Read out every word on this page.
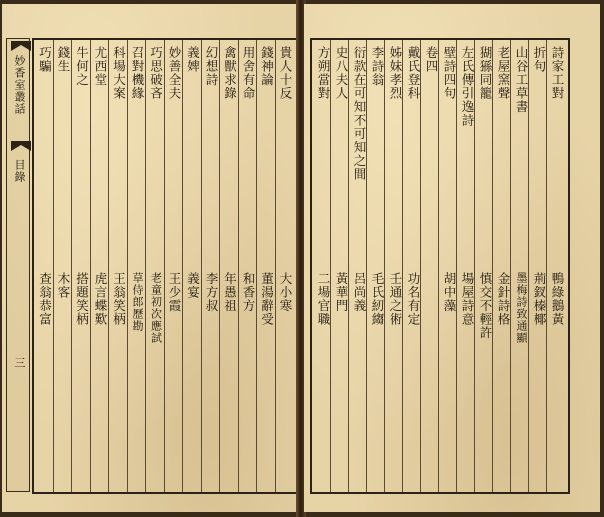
妙香室叢話
目錄
三
貴人十反
大小寒
錢神論
董湯辭受
用舍有命
和香方
禽獸求錄
年愚祖
幻想詩
李方叔
義婢
義宴
妙善全夫
王少霞
巧思破吝
老童初次應試
召對機緣
草侍郎歷勘
科場大案
王翁笑柄
尤西堂
虎言蝶歎
牛何之
搭題笑柄
錢生
木客
巧騙
查翁恭富
詩家工對
鴨綠鵝黃
折句
荊釵榛椰
山谷工草書
墨梅詩致通顯
老屋窯聲
金針詩格
猢猻同籠
慎交不輕許
左氏傳引逸詩
場屋詩意
壁詩四句
胡中藻
卷四
戴氏登科
功名有定
姊妹孝烈
壬通之術
李詩翁
毛氏紉縐
衍款在可知不可知之間
呂尚義
史八夫人
黃華門
方朔當對
二場官職
